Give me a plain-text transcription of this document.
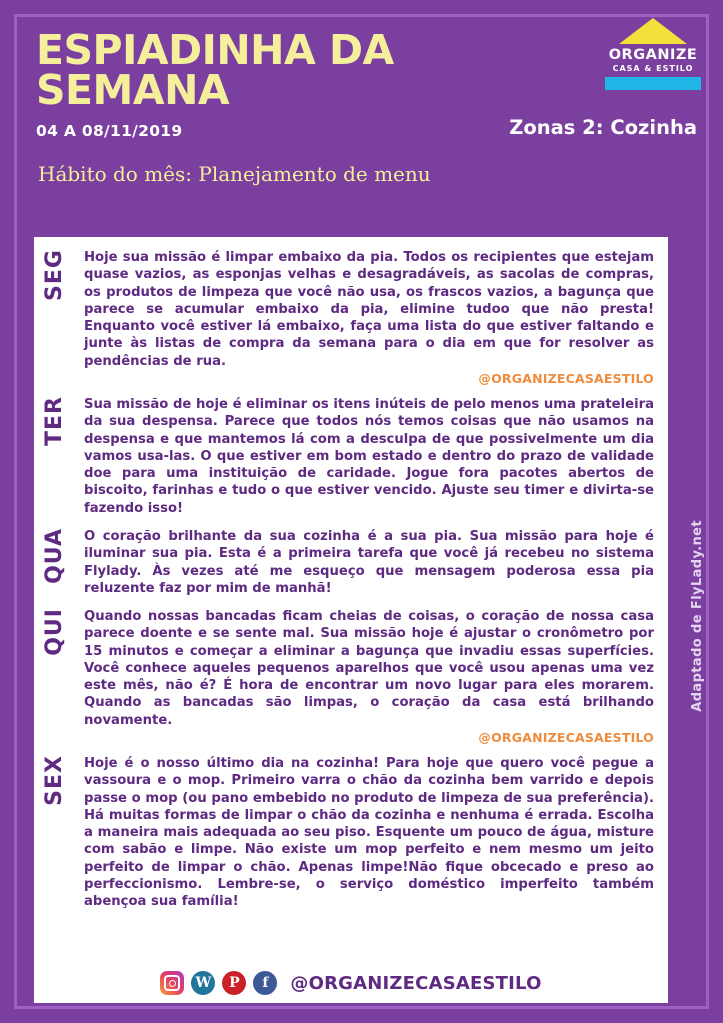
ESPIADINHA DA SEMANA
04 A 08/11/2019	Zonas 2: Cozinha
Hábito do mês: Planejamento de menu
ORGANIZE
CASA & ESTILO
Adaptado de FlyLady.net
SEG	Hoje sua missão é limpar embaixo da pia. Todos os recipientes que estejam quase vazios, as esponjas velhas e desagradáveis, as sacolas de compras, os produtos de limpeza que você não usa, os frascos vazios, a bagunça que parece se acumular embaixo da pia, elimine tudoo que não presta! Enquanto você estiver lá embaixo, faça uma lista do que estiver faltando e junte às listas de compra da semana para o dia em que for resolver as pendências de rua.

@ORGANIZECASAESTILO
TER	Sua missão de hoje é eliminar os itens inúteis de pelo menos uma prateleira da sua despensa. Parece que todos nós temos coisas que não usamos na despensa e que mantemos lá com a desculpa de que possivelmente um dia vamos usa-las. O que estiver em bom estado e dentro do prazo de validade doe para uma instituição de caridade. Jogue fora pacotes abertos de biscoito, farinhas e tudo o que estiver vencido. Ajuste seu timer e divirta-se fazendo isso!

QUA	O coração brilhante da sua cozinha é a sua pia. Sua missão para hoje é iluminar sua pia. Esta é a primeira tarefa que você já recebeu no sistema Flylady. Às vezes até me esqueço que mensagem poderosa essa pia reluzente faz por mim de manhã!

QUI	Quando nossas bancadas ficam cheias de coisas, o coração de nossa casa parece doente e se sente mal. Sua missão hoje é ajustar o cronômetro por 15 minutos e começar a eliminar a bagunça que invadiu essas superfícies. Você conhece aqueles pequenos aparelhos que você usou apenas uma vez este mês, não é? É hora de encontrar um novo lugar para eles morarem. Quando as bancadas são limpas, o coração da casa está brilhando novamente.

@ORGANIZECASAESTILO
SEX	Hoje é o nosso último dia na cozinha! Para hoje que quero você pegue a vassoura e o mop. Primeiro varra o chão da cozinha bem varrido e depois passe o mop (ou pano embebido no produto de limpeza de sua preferência). Há muitas formas de limpar o chão da cozinha e nenhuma é errada. Escolha a maneira mais adequada ao seu piso. Esquente um pouco de água, misture com sabão e limpe. Não existe um mop perfeito e nem mesmo um jeito perfeito de limpar o chão. Apenas limpe!Não fique obcecado e preso ao perfeccionismo. Lembre-se, o serviço doméstico imperfeito também abençoa sua família!

W	P	f	@ORGANIZECASAESTILO
